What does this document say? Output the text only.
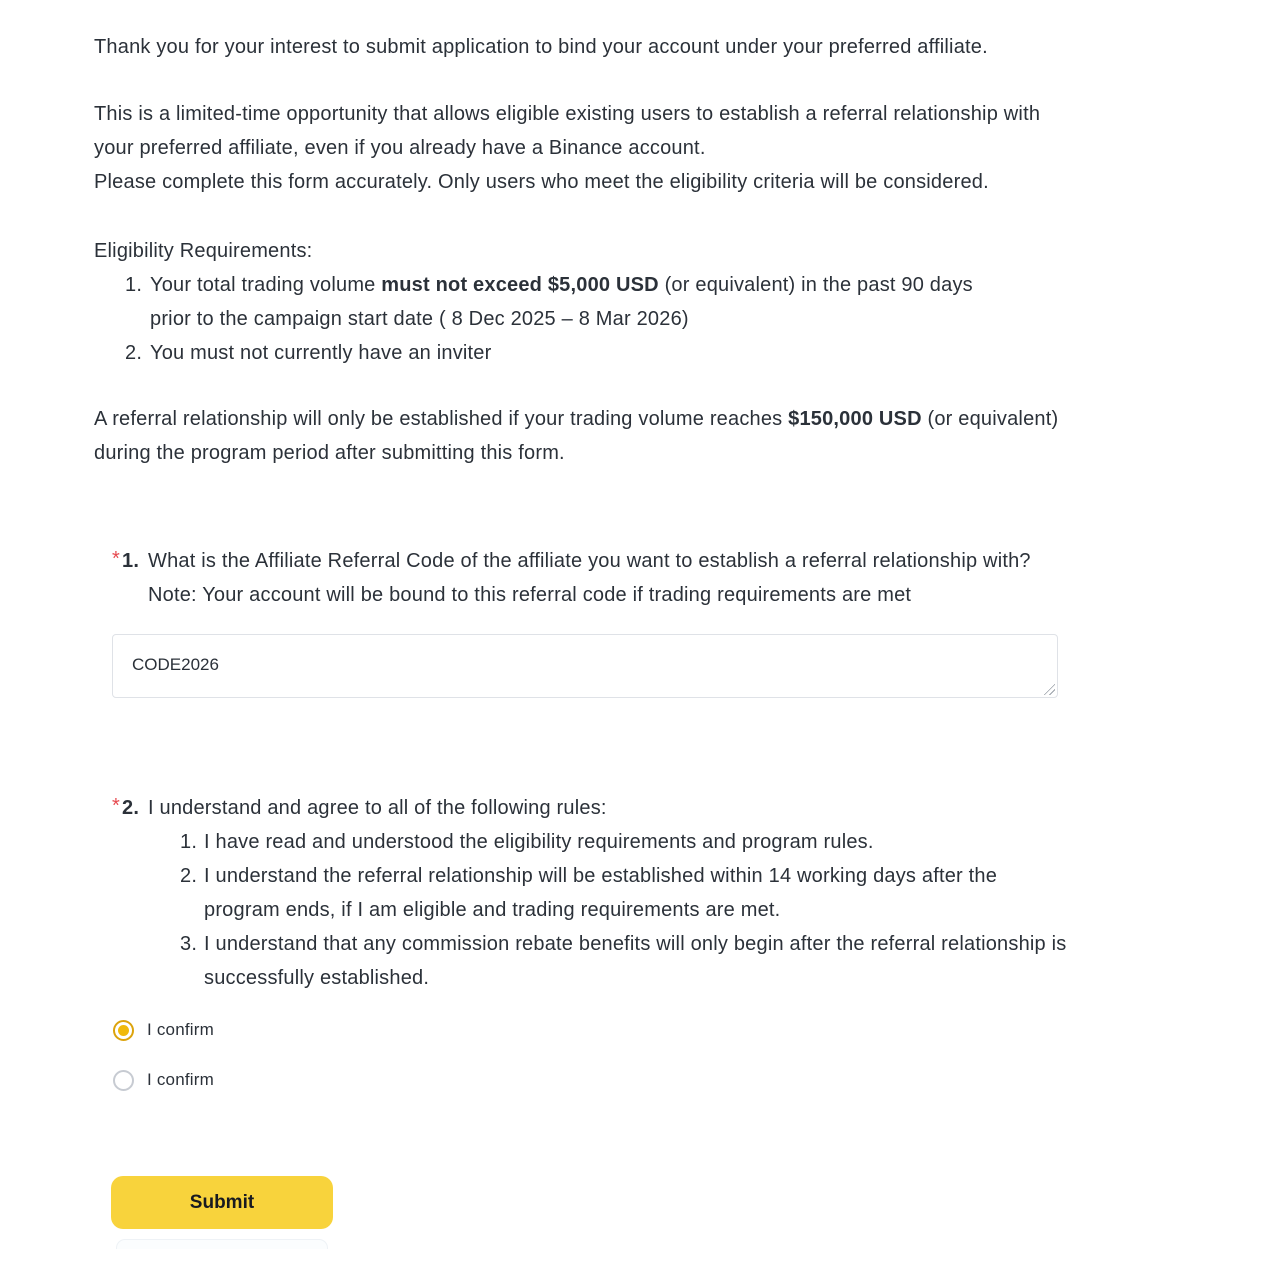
Thank you for your interest to submit application to bind your account under your preferred affiliate.

This is a limited-time opportunity that allows eligible existing users to establish a referral relationship with your preferred affiliate, even if you already have a Binance account.
Please complete this form accurately. Only users who meet the eligibility criteria will be considered.

Eligibility Requirements:
1. Your total trading volume must not exceed $5,000 USD (or equivalent) in the past 90 days prior to the campaign start date ( 8 Dec 2025 – 8 Mar 2026)
2. You must not currently have an inviter

A referral relationship will only be established if your trading volume reaches $150,000 USD (or equivalent) during the program period after submitting this form.

* 1. What is the Affiliate Referral Code of the affiliate you want to establish a referral relationship with?
Note: Your account will be bound to this referral code if trading requirements are met
CODE2026
* 2. I understand and agree to all of the following rules:
1. I have read and understood the eligibility requirements and program rules.
2. I understand the referral relationship will be established within 14 working days after the program ends, if I am eligible and trading requirements are met.
3. I understand that any commission rebate benefits will only begin after the referral relationship is successfully established.
I confirm
I confirm
Submit
